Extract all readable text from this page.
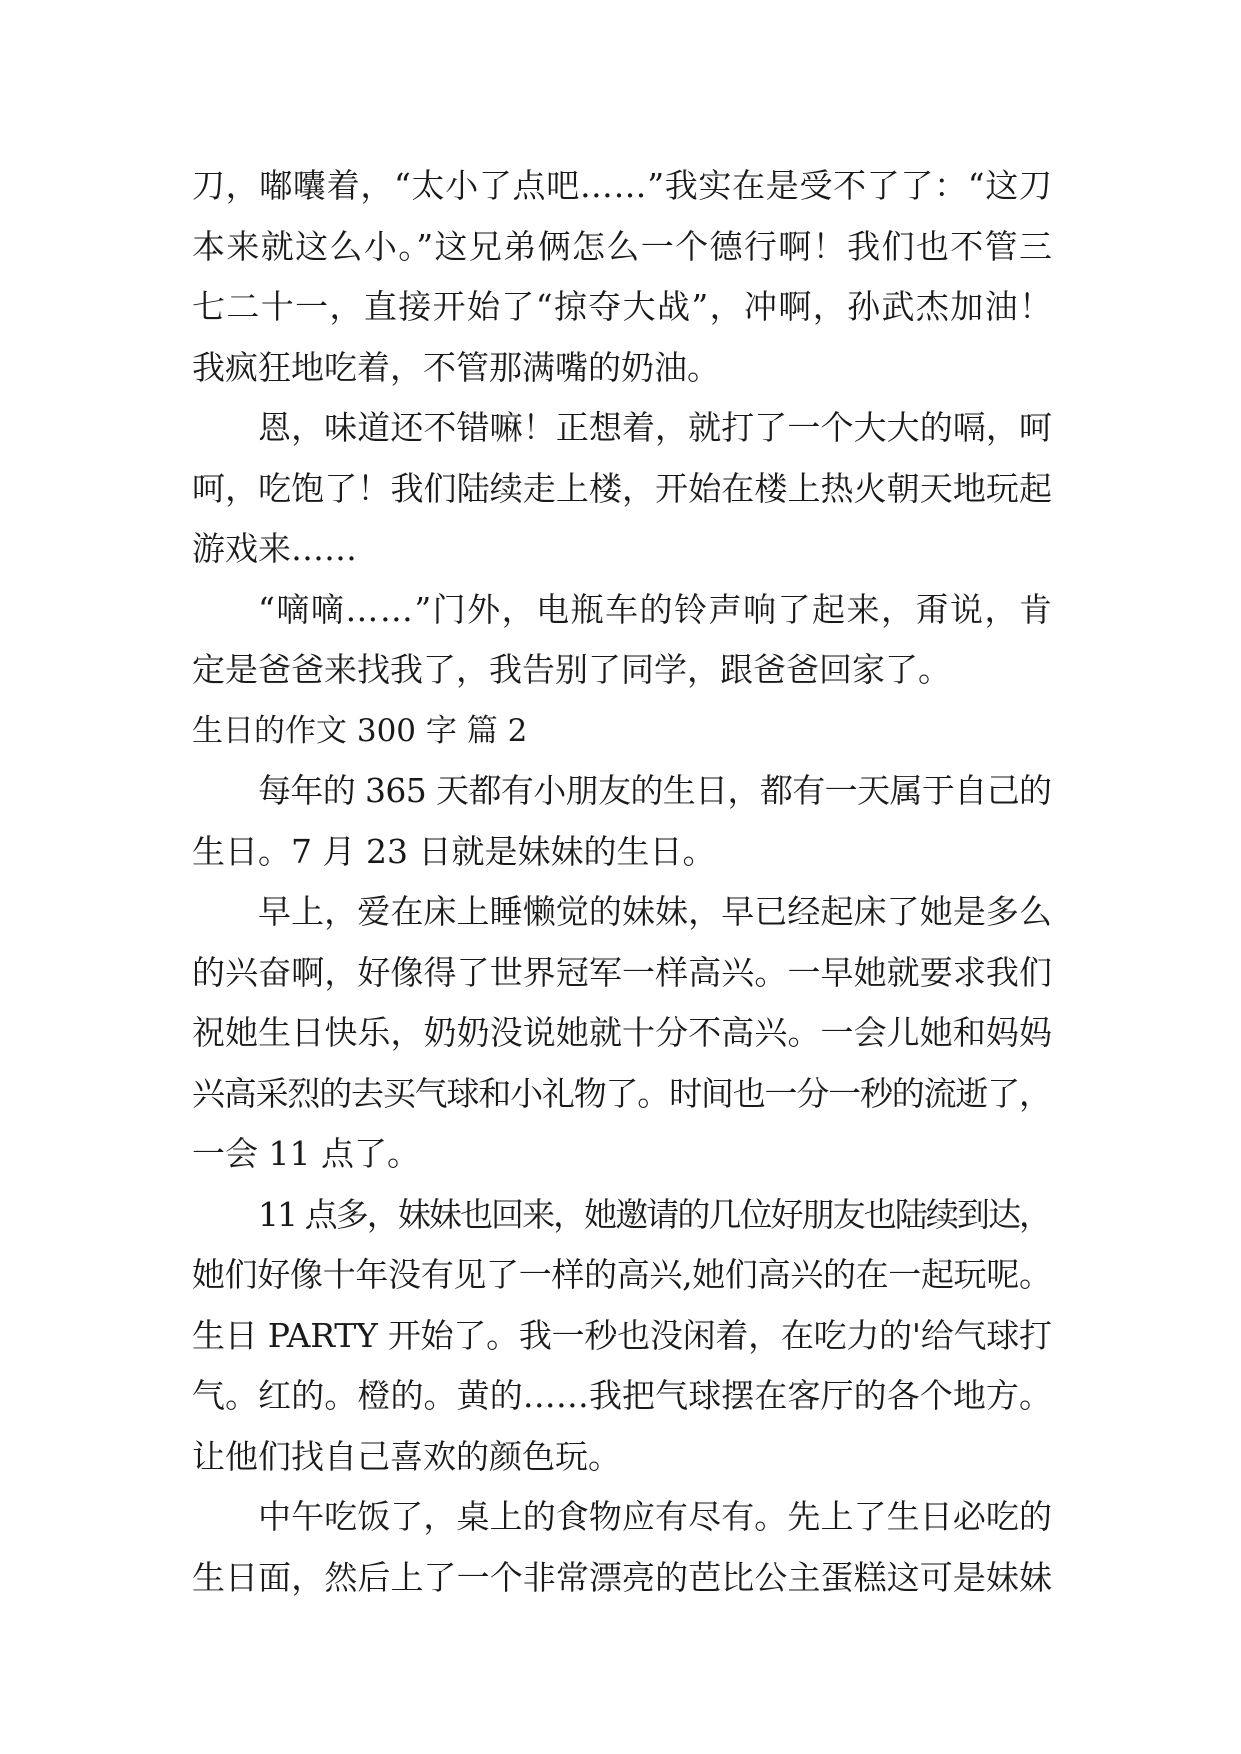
刀，嘟囔着，“太小了点吧……”我实在是受不了了：“这刀
本来就这么小。”这兄弟俩怎么一个德行啊！我们也不管三
七二十一，直接开始了“掠夺大战”，冲啊，孙武杰加油！
我疯狂地吃着，不管那满嘴的奶油。
恩，味道还不错嘛！正想着，就打了一个大大的嗝，呵
呵，吃饱了！我们陆续走上楼，开始在楼上热火朝天地玩起
游戏来……
“嘀嘀……”门外，电瓶车的铃声响了起来，甭说，肯
定是爸爸来找我了，我告别了同学，跟爸爸回家了。
生日的作文 300 字 篇 2
每年的 365 天都有小朋友的生日，都有一天属于自己的
生日。7 月 23 日就是妹妹的生日。
早上，爱在床上睡懒觉的妹妹，早已经起床了她是多么
的兴奋啊，好像得了世界冠军一样高兴。一早她就要求我们
祝她生日快乐，奶奶没说她就十分不高兴。一会儿她和妈妈
兴高采烈的去买气球和小礼物了。时间也一分一秒的流逝了，
一会 11 点了。
11 点多，妹妹也回来，她邀请的几位好朋友也陆续到达，
她们好像十年没有见了一样的高兴,她们高兴的在一起玩呢。
生日 PARTY 开始了。我一秒也没闲着，在吃力的'给气球打
气。红的。橙的。黄的……我把气球摆在客厅的各个地方。
让他们找自己喜欢的颜色玩。
中午吃饭了，桌上的食物应有尽有。先上了生日必吃的
生日面，然后上了一个非常漂亮的芭比公主蛋糕这可是妹妹
